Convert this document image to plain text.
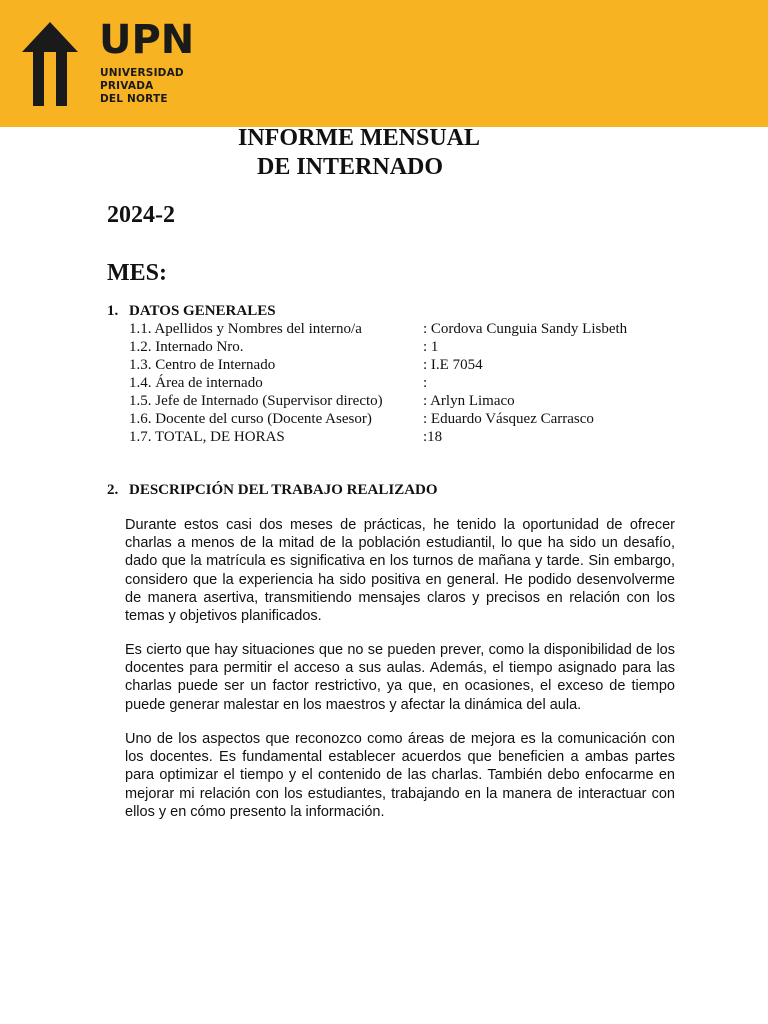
UPN
UNIVERSIDAD
PRIVADA
DEL NORTE
INFORME MENSUAL
DE INTERNADO
2024-2
MES:
1. DATOS GENERALES
1.1. Apellidos y Nombres del interno/a	: Cordova Cunguia Sandy Lisbeth
1.2. Internado Nro.	: 1
1.3. Centro de Internado	: I.E 7054
1.4. Área de internado	:
1.5. Jefe de Internado (Supervisor directo)	: Arlyn Limaco
1.6. Docente del curso (Docente Asesor)	: Eduardo Vásquez Carrasco
1.7. TOTAL, DE HORAS	:18
2. DESCRIPCIÓN DEL TRABAJO REALIZADO

Durante estos casi dos meses de prácticas, he tenido la oportunidad de ofrecer charlas a menos de la mitad de la población estudiantil, lo que ha sido un desafío, dado que la matrícula es significativa en los turnos de mañana y tarde. Sin embargo, considero que la experiencia ha sido positiva en general. He podido desenvolverme de manera asertiva, transmitiendo mensajes claros y precisos en relación con los temas y objetivos planificados.

Es cierto que hay situaciones que no se pueden prever, como la disponibilidad de los docentes para permitir el acceso a sus aulas. Además, el tiempo asignado para las charlas puede ser un factor restrictivo, ya que, en ocasiones, el exceso de tiempo puede generar malestar en los maestros y afectar la dinámica del aula.

Uno de los aspectos que reconozco como áreas de mejora es la comunicación con los docentes. Es fundamental establecer acuerdos que beneficien a ambas partes para optimizar el tiempo y el contenido de las charlas. También debo enfocarme en mejorar mi relación con los estudiantes, trabajando en la manera de interactuar con ellos y en cómo presento la información.
